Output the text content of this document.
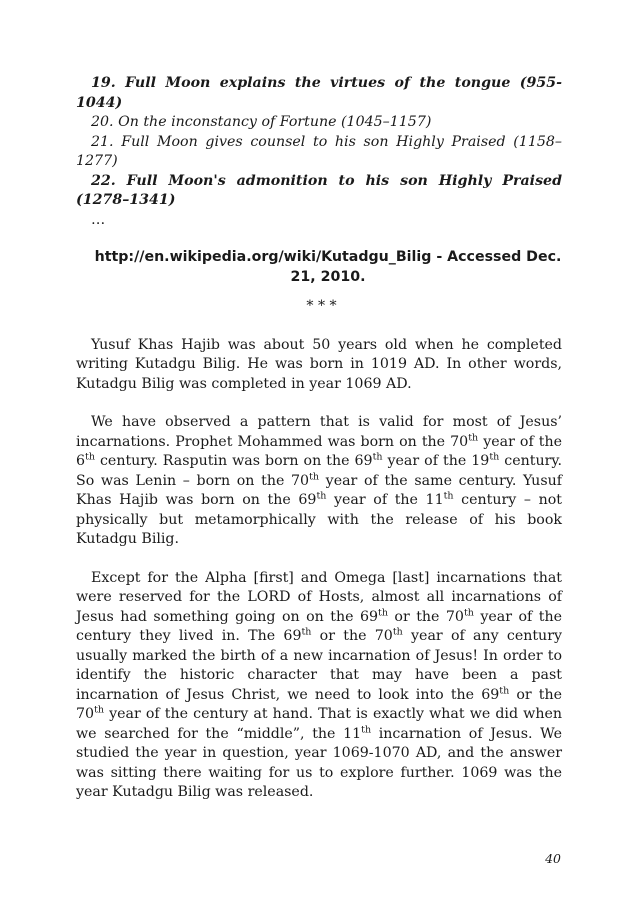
19. Full Moon explains the virtues of the tongue (955-1044)
20. On the inconstancy of Fortune (1045–1157)
21. Full Moon gives counsel to his son Highly Praised (1158–1277)
22. Full Moon's admonition to his son Highly Praised (1278–1341)
…
http://en.wikipedia.org/wiki/Kutadgu_Bilig - Accessed Dec. 21, 2010.
* * *

Yusuf Khas Hajib was about 50 years old when he completed writing Kutadgu Bilig. He was born in 1019 AD. In other words, Kutadgu Bilig was completed in year 1069 AD.

We have observed a pattern that is valid for most of Jesus’ incarnations. Prophet Mohammed was born on the 70th year of the 6th century. Rasputin was born on the 69th year of the 19th century. So was Lenin – born on the 70th year of the same century. Yusuf Khas Hajib was born on the 69th year of the 11th century – not physically but metamorphically with the release of his book Kutadgu Bilig.

Except for the Alpha [first] and Omega [last] incarnations that were reserved for the LORD of Hosts, almost all incarnations of Jesus had something going on on the 69th or the 70th year of the century they lived in. The 69th or the 70th year of any century usually marked the birth of a new incarnation of Jesus! In order to identify the historic character that may have been a past incarnation of Jesus Christ, we need to look into the 69th or the 70th year of the century at hand. That is exactly what we did when we searched for the “middle”, the 11th incarnation of Jesus. We studied the year in question, year 1069-1070 AD, and the answer was sitting there waiting for us to explore further. 1069 was the year Kutadgu Bilig was released.

40
